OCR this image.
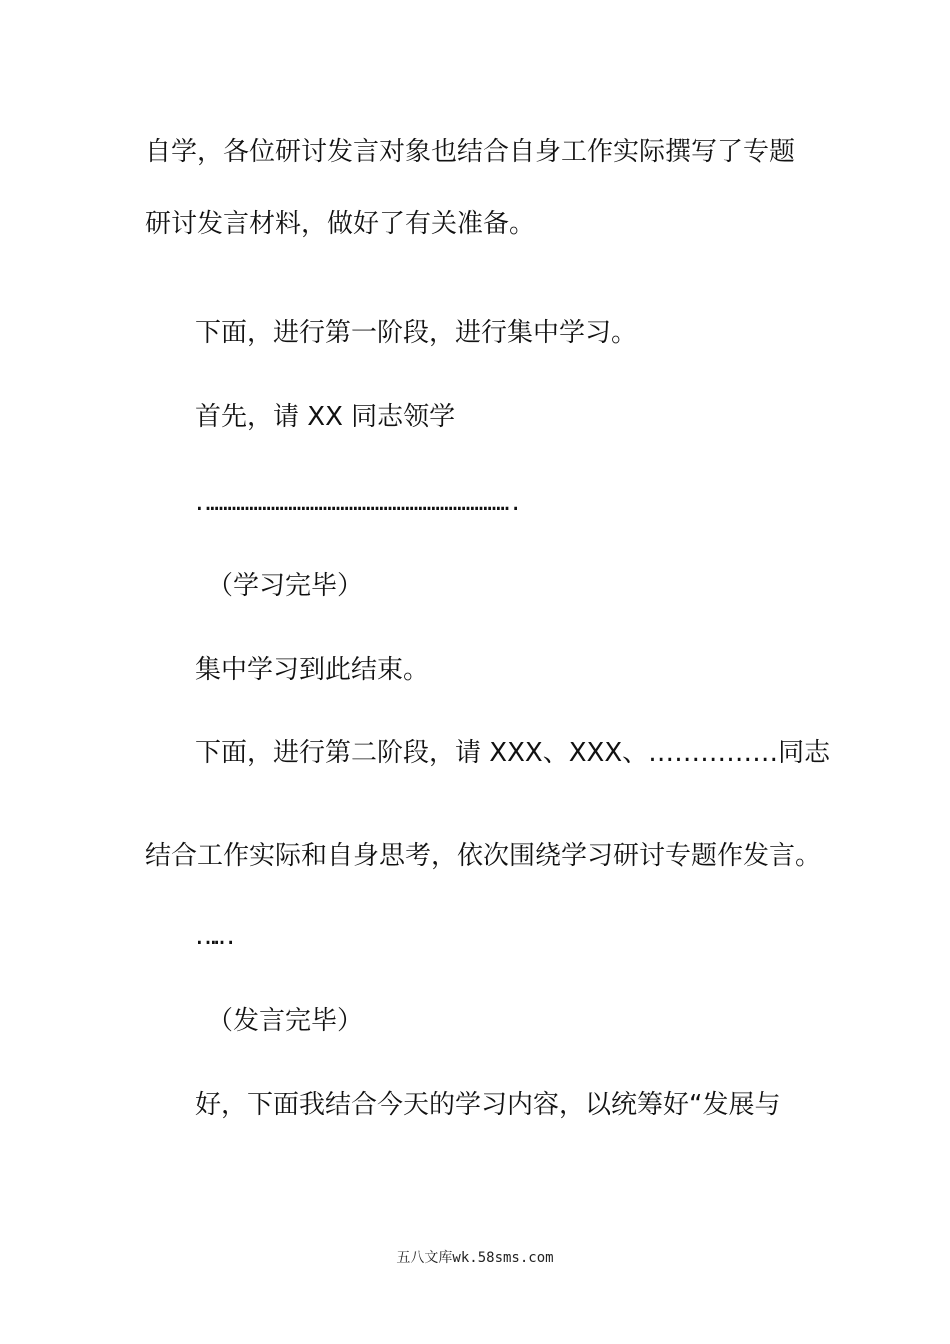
自学，各位研讨发言对象也结合自身工作实际撰写了专题
研讨发言材料，做好了有关准备。
下面，进行第一阶段，进行集中学习。
首先，请 XX 同志领学
………………………………………………………………
（学习完毕）
集中学习到此结束。
下面，进行第二阶段，请 XXX、XXX、……………同志
结合工作实际和自身思考，依次围绕学习研讨专题作发言。
……
（发言完毕）
好，下面我结合今天的学习内容，以统筹好“发展与
五八文库wk.58sms.com
